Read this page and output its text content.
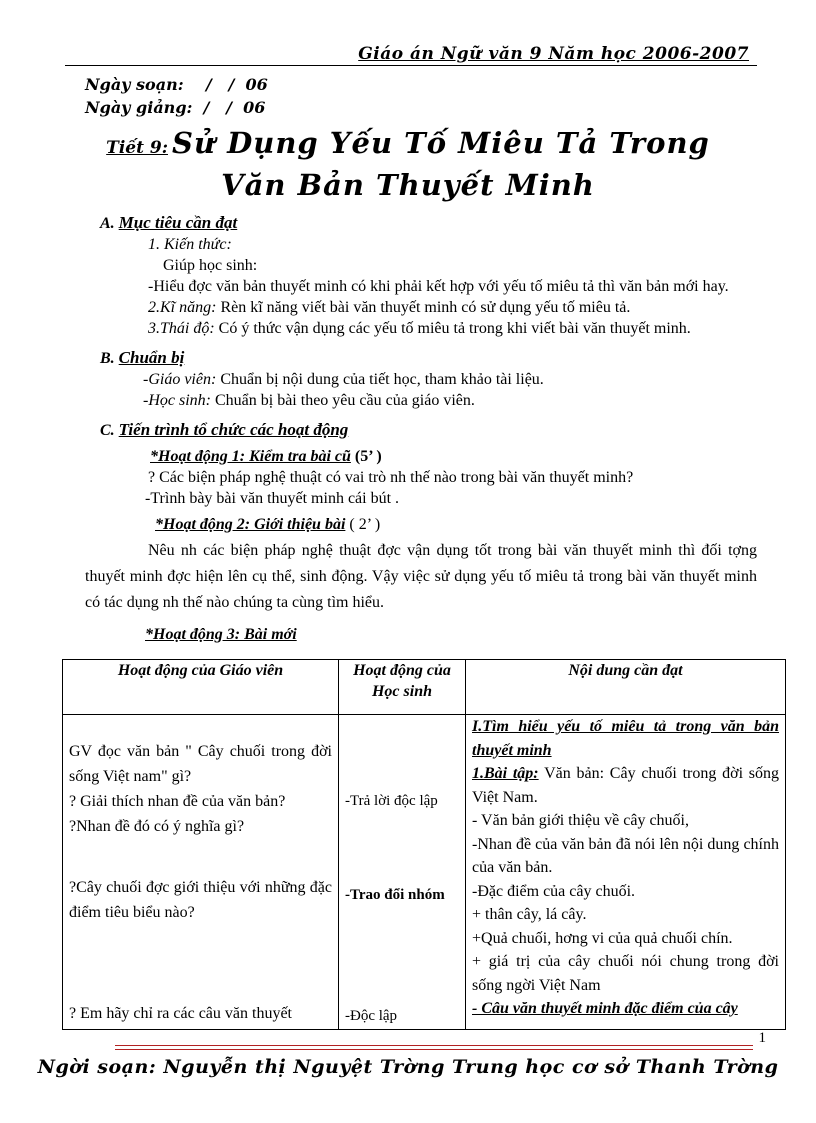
Giáo án Ngữ văn 9 Năm học 2006-2007
Ngày soạn:    /   /  06
Ngày giảng:  /   /  06
Tiết 9: Sử Dụng Yếu Tố Miêu Tả Trong
Văn Bản Thuyết Minh
A. Mục tiêu cần đạt
1. Kiến thức:
Giúp học sinh:
-Hiểu đợc văn bản thuyết minh có khi phải kết hợp với yếu tố miêu tả thì văn bản mới hay.
2.Kĩ năng: Rèn kĩ năng viết bài văn thuyết minh có sử dụng yếu tố miêu tả.
3.Thái độ: Có ý thức vận dụng các yếu tố miêu tả trong khi viết bài văn thuyết minh.
B. Chuẩn bị
-Giáo viên: Chuẩn bị nội dung của tiết học, tham khảo tài liệu.
-Học sinh: Chuẩn bị bài theo yêu cầu của giáo viên.
C. Tiến trình tổ chức các hoạt động
*Hoạt động 1: Kiểm tra bài cũ (5’ )
? Các biện pháp nghệ thuật có vai trò nh thế nào trong bài văn thuyết minh?
-Trình bày bài văn thuyết minh cái bút .
*Hoạt động 2: Giới thiệu bài ( 2’ )
Nêu nh các biện pháp nghệ thuật đợc vận dụng tốt trong bài văn thuyết minh thì đối tợng thuyết minh đợc hiện lên cụ thể, sinh động. Vậy việc sử dụng yếu tố miêu tả trong bài văn thuyết minh có tác dụng nh thế nào chúng ta cùng tìm hiểu.
*Hoạt động 3: Bài mới
Hoạt động của Giáo viên	Hoạt động của Học sinh	Nội dung cần đạt

GV đọc văn bản " Cây chuối trong đời sống Việt nam" gì?
? Giải thích nhan đề của văn bản?
?Nhan đề đó có ý nghĩa gì?
?Cây chuối đợc giới thiệu với những đặc điểm tiêu biểu nào?
? Em hãy chỉ ra các câu văn thuyết

-Trả lời độc lập
-Trao đổi nhóm
-Độc lập

I.Tìm hiểu yếu tố miêu tả trong văn bản thuyết minh
1.Bài tập: Văn bản: Cây chuối trong đời sống Việt Nam.
- Văn bản giới thiệu về cây chuối,
-Nhan đề của văn bản đã nói lên nội dung chính của văn bản.
-Đặc điểm của cây chuối.
+ thân cây, lá cây.
+Quả chuối, hơng vi của quả chuối chín.
+ giá trị của cây chuối nói chung trong đời sống ngời Việt Nam
- Câu văn thuyết minh đặc điểm của cây
1
Ngời soạn: Nguyễn thị Nguyệt Trờng Trung học cơ sở Thanh Trờng
